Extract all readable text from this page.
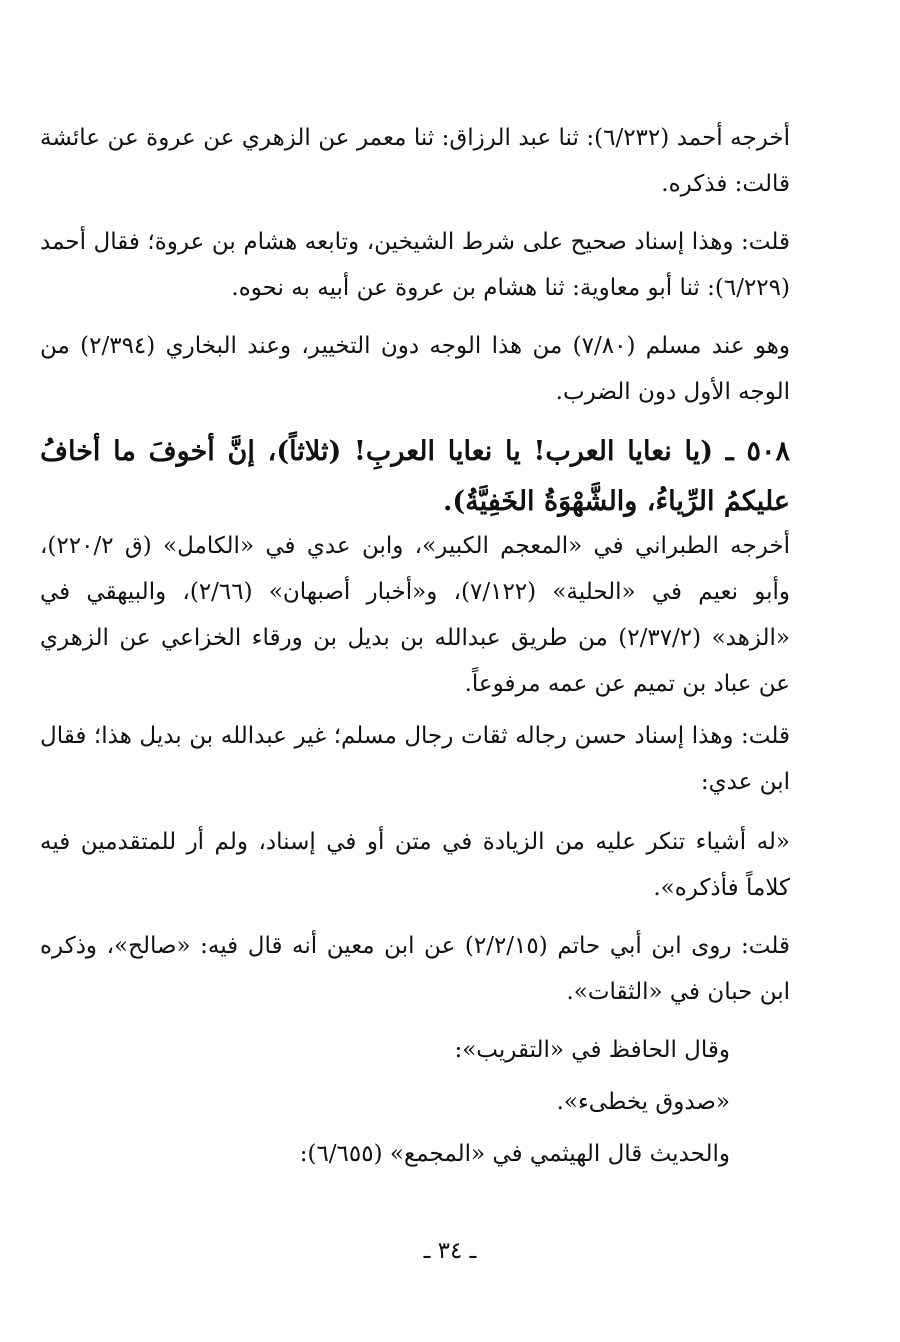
أخرجه أحمد (٦/٢٣٢): ثنا عبد الرزاق: ثنا معمر عن الزهري عن عروة عن عائشة قالت: فذكره.

قلت: وهذا إسناد صحيح على شرط الشيخين، وتابعه هشام بن عروة؛ فقال أحمد (٦/٢٢٩): ثنا أبو معاوية: ثنا هشام بن عروة عن أبيه به نحوه.

وهو عند مسلم (٧/٨٠) من هذا الوجه دون التخيير، وعند البخاري (٢/٣٩٤) من الوجه الأول دون الضرب.

٥٠٨ ـ (يا نعايا العرب! يا نعايا العربِ! (ثلاثاً)، إنَّ أخوفَ ما أخافُ عليكمُ الرِّياءُ، والشَّهْوَةُ الخَفِيَّةُ).

أخرجه الطبراني في «المعجم الكبير»، وابن عدي في «الكامل» (ق ٢٢٠/٢)، وأبو نعيم في «الحلية» (٧/١٢٢)، و«أخبار أصبهان» (٢/٦٦)، والبيهقي في «الزهد» (٢/٣٧/٢) من طريق عبدالله بن بديل بن ورقاء الخزاعي عن الزهري عن عباد بن تميم عن عمه مرفوعاً.

قلت: وهذا إسناد حسن رجاله ثقات رجال مسلم؛ غير عبدالله بن بديل هذا؛ فقال ابن عدي:

«له أشياء تنكر عليه من الزيادة في متن أو في إسناد، ولم أر للمتقدمين فيه كلاماً فأذكره».

قلت: روى ابن أبي حاتم (٢/٢/١٥) عن ابن معين أنه قال فيه: «صالح»، وذكره ابن حبان في «الثقات».

وقال الحافظ في «التقريب»:

«صدوق يخطىء».

والحديث قال الهيثمي في «المجمع» (٦/٦٥٥):

ـ ٣٤ ـ
